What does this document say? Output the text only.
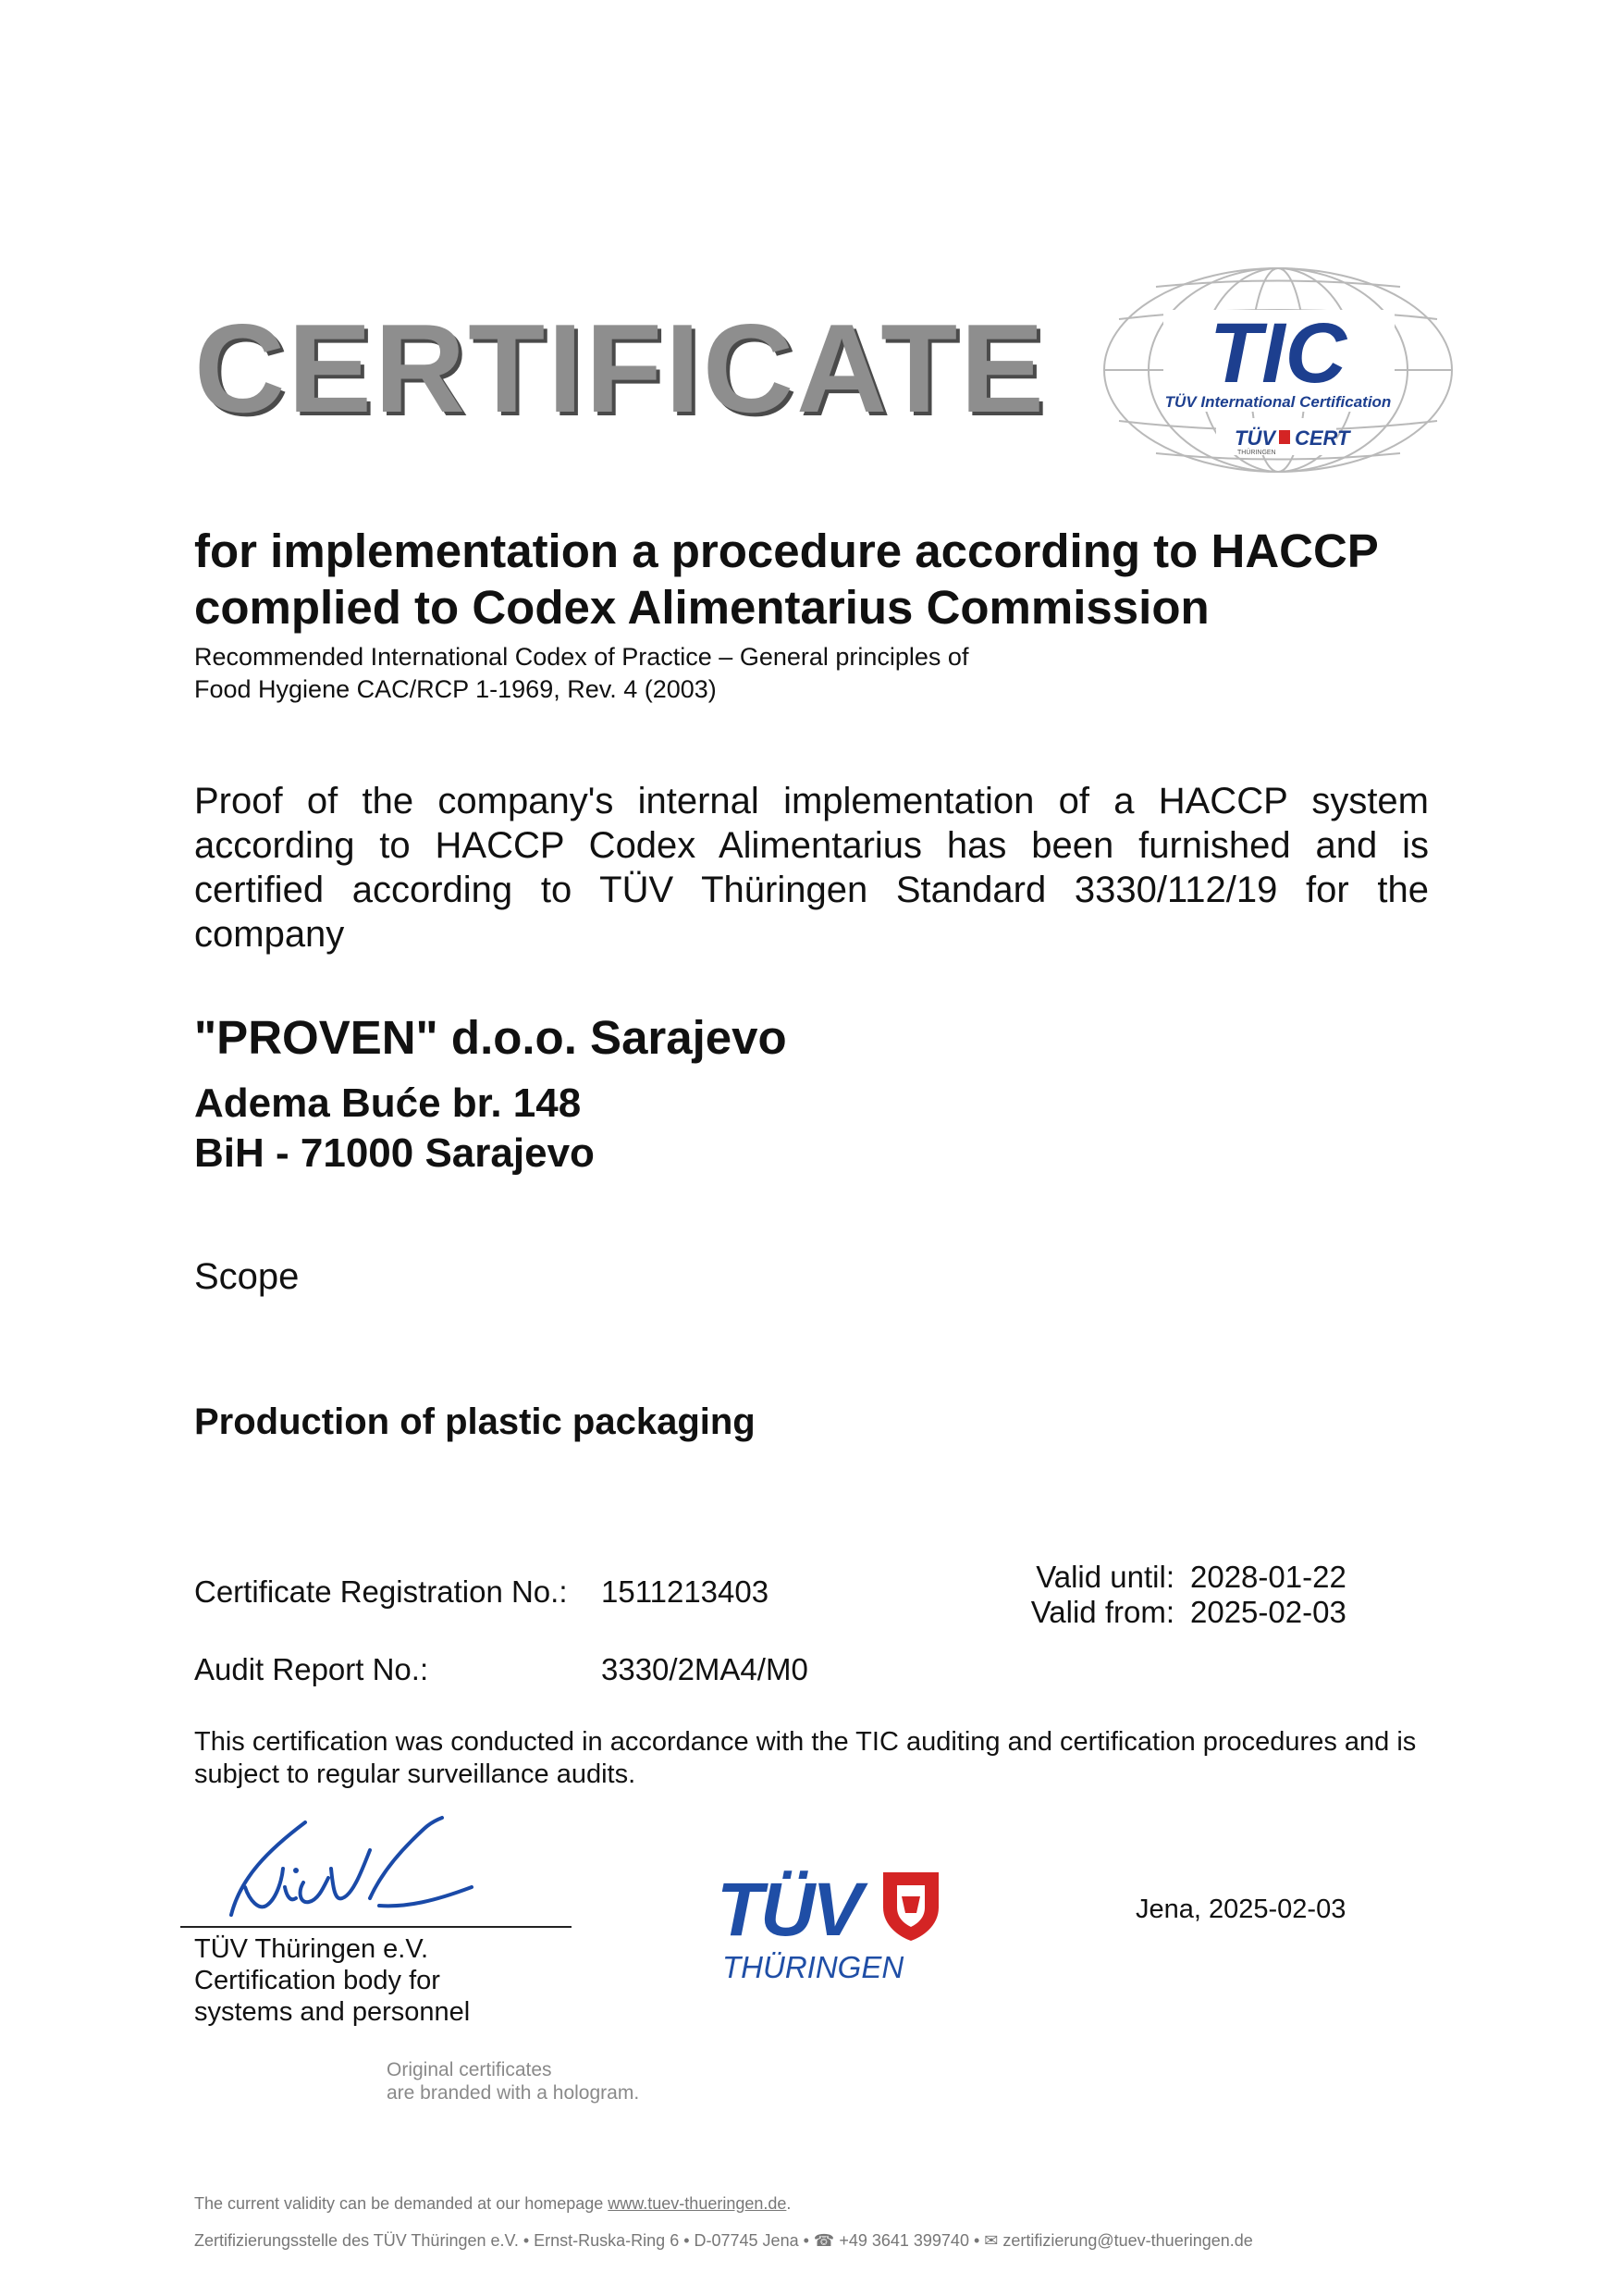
CERTIFICATE TIC
TÜV International Certification
TÜV CERT
THÜRINGEN
for implementation a procedure according to HACCP
complied to Codex Alimentarius Commission
Recommended International Codex of Practice – General principles of
Food Hygiene CAC/RCP 1-1969, Rev. 4 (2003)
Proof of the company's internal implementation of a HACCP system according to HACCP Codex Alimentarius has been furnished and is certified according to TÜV Thüringen Standard 3330/112/19 for the company
"PROVEN" d.o.o. Sarajevo
Adema Buće br. 148
BiH - 71000 Sarajevo
Scope
Production of plastic packaging
Certificate Registration No.: 1511213403
Audit Report No.:	3330/2MA4/M0
Valid until: 2028-01-22
Valid from: 2025-02-03
This certification was conducted in accordance with the TIC auditing and certification procedures and is subject to regular surveillance audits.
TÜV Thüringen e.V.
Certification body for
systems and personnel
TÜV
THÜRINGEN
Jena, 2025-02-03
Original certificates
are branded with a hologram.
The current validity can be demanded at our homepage www.tuev-thueringen.de.
Zertifizierungsstelle des TÜV Thüringen e.V. • Ernst-Ruska-Ring 6 • D-07745 Jena • ☎ +49 3641 399740 • ✉ zertifizierung@tuev-thueringen.de
